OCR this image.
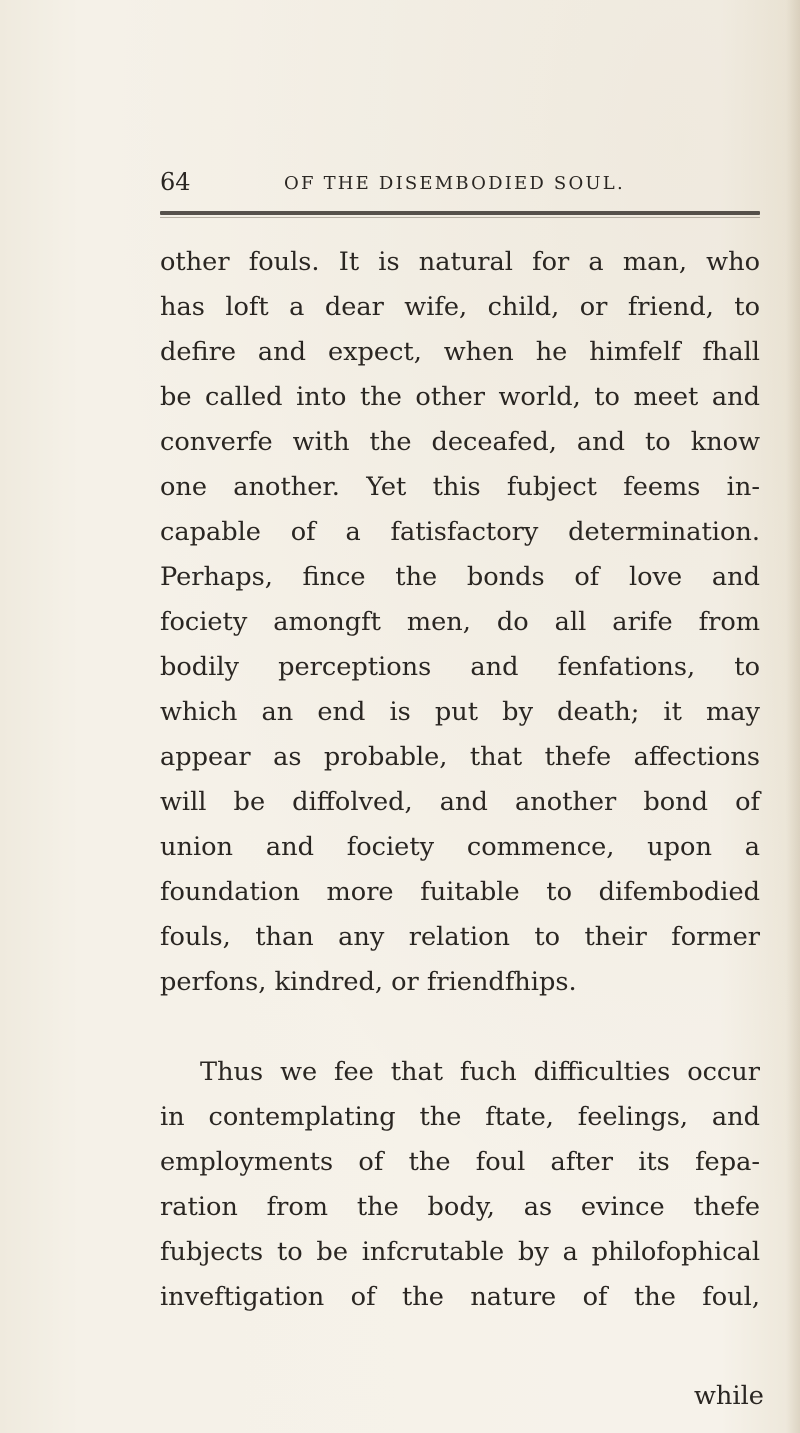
64	OF THE DISEMBODIED SOUL.
other fouls. It is natural for a man, who
has loft a dear wife, child, or friend, to
defire and expect, when he himfelf fhall
be called into the other world, to meet and
converfe with the deceafed, and to know
one another. Yet this fubject feems in-
capable of a fatisfactory determination.
Perhaps, fince the bonds of love and
fociety amongft men, do all arife from
bodily perceptions and fenfations, to
which an end is put by death; it may
appear as probable, that thefe affections
will be diffolved, and another bond of
union and fociety commence, upon a
foundation more fuitable to difembodied
fouls, than any relation to their former
perfons, kindred, or friendfhips.
Thus we fee that fuch difficulties occur
in contemplating the ftate, feelings, and
employments of the foul after its fepa-
ration from the body, as evince thefe
fubjects to be infcrutable by a philofophical
inveftigation of the nature of the foul,
while
